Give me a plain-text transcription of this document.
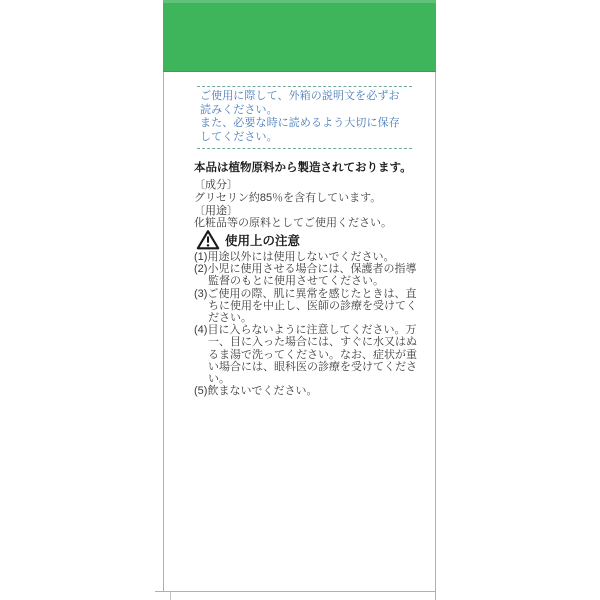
ご使用に際して、外箱の説明文を必ずお読みください。

また、必要な時に読めるよう大切に保存してください。

本品は植物原料から製造されております。

〔成分〕

グリセリン約85％を含有しています。

〔用途〕

化粧品等の原料としてご使用ください。

使用上の注意
(1)用途以外には使用しないでください。
(2)小児に使用させる場合には、保護者の指導監督のもとに使用させてください。
(3)ご使用の際、肌に異常を感じたときは、直ちに使用を中止し、医師の診療を受けてください。
(4)目に入らないように注意してください。万一、目に入った場合には、すぐに水又はぬるま湯で洗ってください。なお、症状が重い場合には、眼科医の診療を受けてください。
(5)飲まないでください。
